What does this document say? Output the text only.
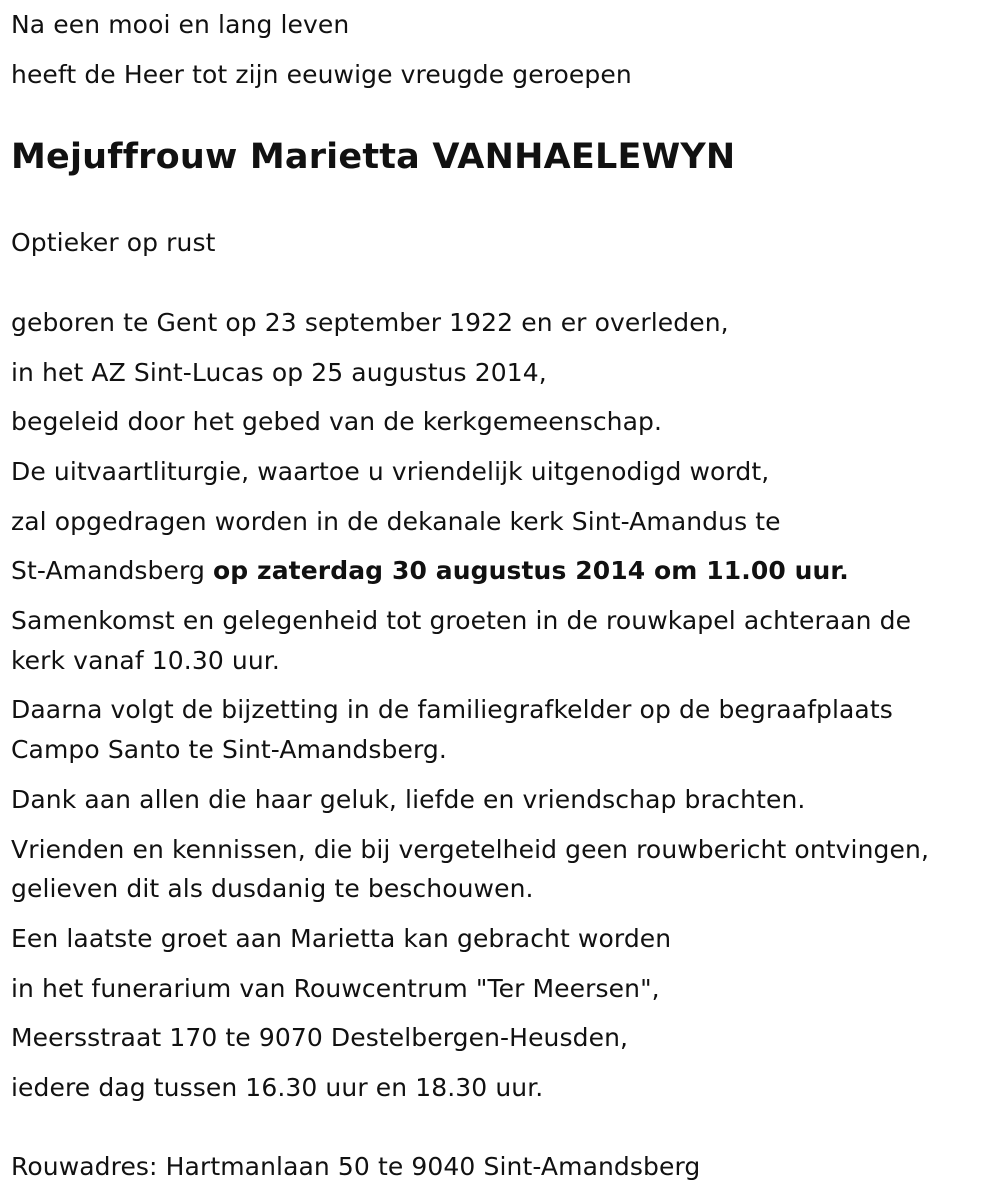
Na een mooi en lang leven
heeft de Heer tot zijn eeuwige vreugde geroepen
Mejuffrouw Marietta VANHAELEWYN
Optieker op rust
geboren te Gent op 23 september 1922 en er overleden,
in het AZ Sint-Lucas op 25 augustus 2014,
begeleid door het gebed van de kerkgemeenschap.
De uitvaartliturgie, waartoe u vriendelijk uitgenodigd wordt,
zal opgedragen worden in de dekanale kerk Sint-Amandus te
St-Amandsberg op zaterdag 30 augustus 2014 om 11.00 uur.
Samenkomst en gelegenheid tot groeten in de rouwkapel achteraan de
kerk vanaf 10.30 uur.
Daarna volgt de bijzetting in de familiegrafkelder op de begraafplaats
Campo Santo te Sint-Amandsberg.
Dank aan allen die haar geluk, liefde en vriendschap brachten.
Vrienden en kennissen, die bij vergetelheid geen rouwbericht ontvingen,
gelieven dit als dusdanig te beschouwen.
Een laatste groet aan Marietta kan gebracht worden
in het funerarium van Rouwcentrum "Ter Meersen",
Meersstraat 170 te 9070 Destelbergen-Heusden,
iedere dag tussen 16.30 uur en 18.30 uur.
Rouwadres: Hartmanlaan 50 te 9040 Sint-Amandsberg
